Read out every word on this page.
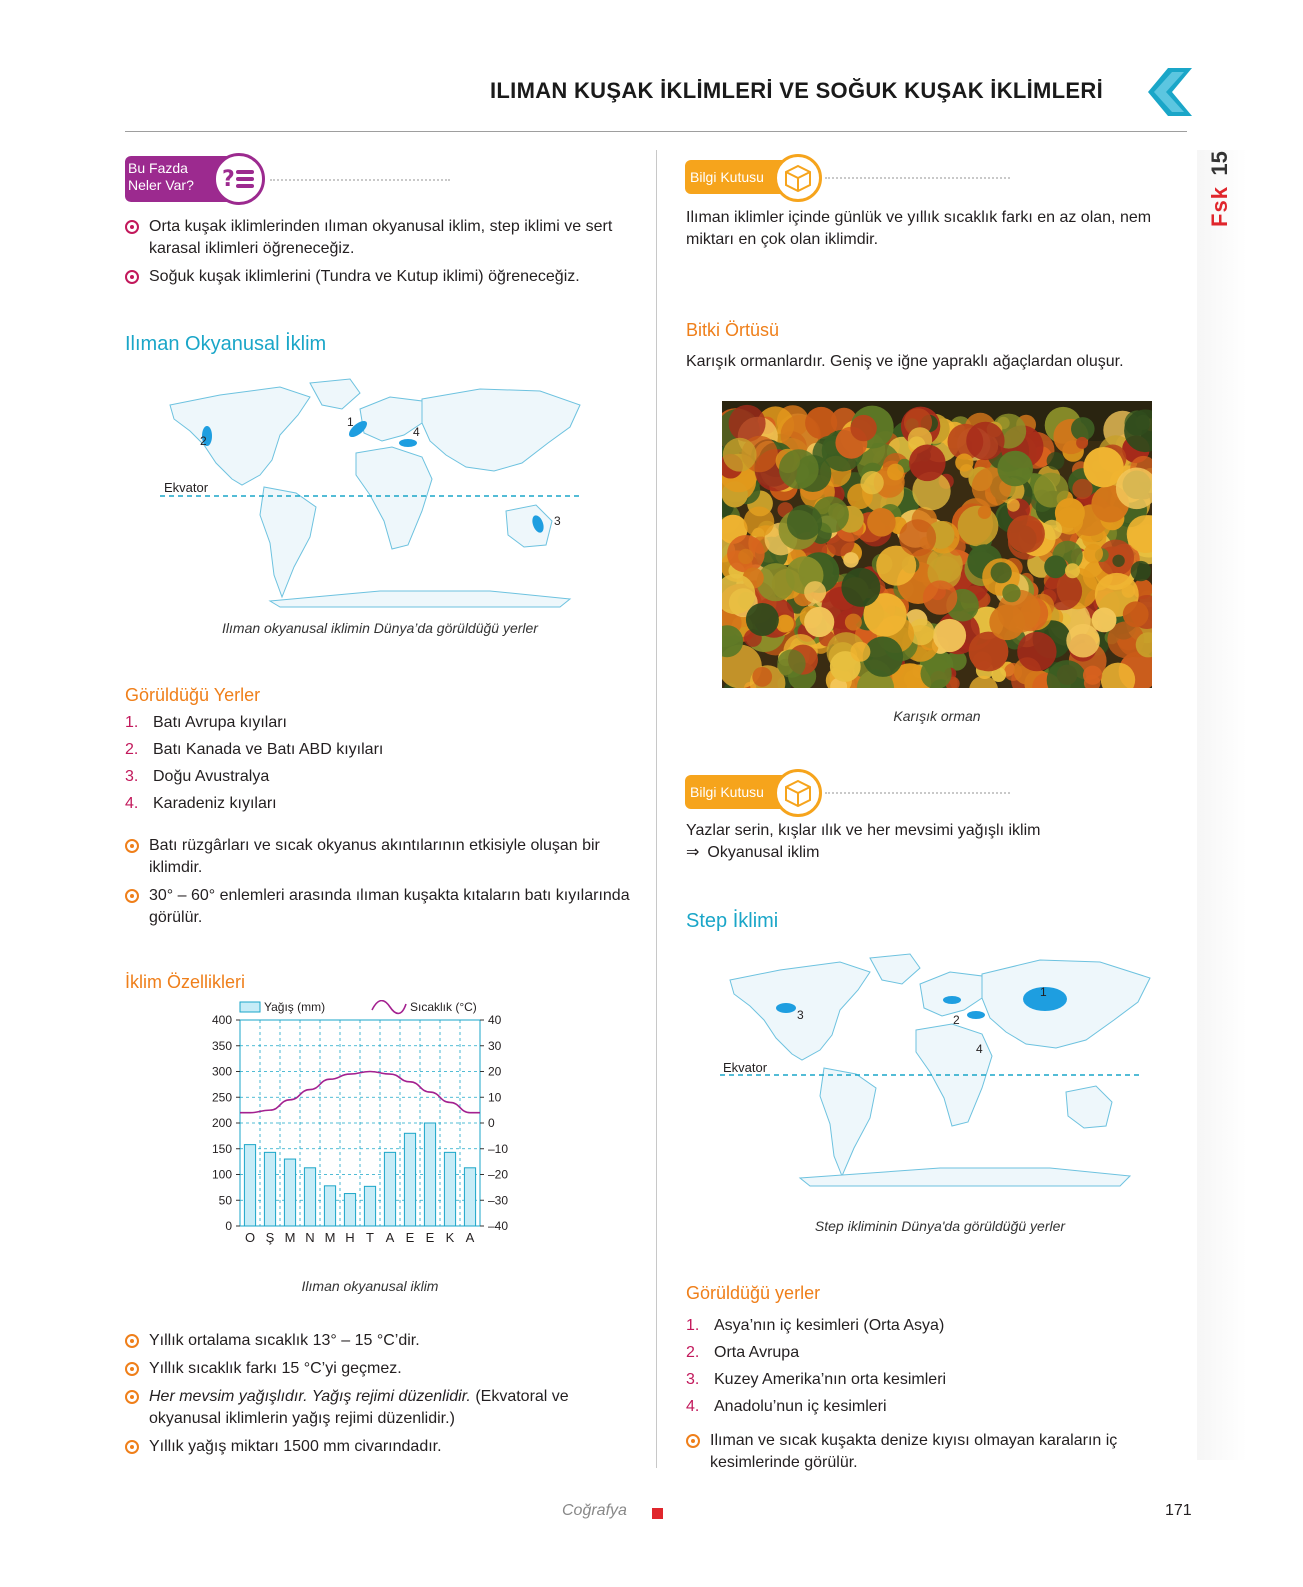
ILIMAN KUŞAK İKLİMLERİ VE SOĞUK KUŞAK İKLİMLERİ
Fsk 15
Bu Fazda
Neler Var? ?
Orta kuşak iklimlerinden ılıman okyanusal iklim, step iklimi ve sert karasal iklimleri öğreneceğiz.
Soğuk kuşak iklimlerini (Tundra ve Kutup iklimi) öğreneceğiz.
Ilıman Okyanusal İklim
Ekvator
1
2
3
4
Ilıman okyanusal iklimin Dünya’da görüldüğü yerler
Görüldüğü Yerler
1. Batı Avrupa kıyıları
2. Batı Kanada ve Batı ABD kıyıları
3. Doğu Avustralya
4. Karadeniz kıyıları
Batı rüzgârları ve sıcak okyanus akıntılarının etkisiyle oluşan bir iklimdir.
30° – 60° enlemleri arasında ılıman kuşakta kıtaların batı kıyılarında görülür.
İklim Özellikleri
0	–40
50	–30
100	–20
150	–10
200	0
250	10
300	20
350	30
400	40
O Ş M N M H T A E E K A
Yağış (mm)	Sıcaklık (°C)
Ilıman okyanusal iklim
Yıllık ortalama sıcaklık 13° – 15 °C’dir.
Yıllık sıcaklık farkı 15 °C’yi geçmez.
Her mevsim yağışlıdır. Yağış rejimi düzenlidir. (Ekvatoral ve okyanusal iklimlerin yağış rejimi düzenlidir.)
Yıllık yağış miktarı 1500 mm civarındadır.
Bilgi Kutusu
Ilıman iklimler içinde günlük ve yıllık sıcaklık farkı en az olan, nem miktarı en çok olan iklimdir.
Bitki Örtüsü
Karışık ormanlardır. Geniş ve iğne yapraklı ağaçlardan oluşur.
Karışık orman
Bilgi Kutusu
Yazlar serin, kışlar ılık ve her mevsimi yağışlı iklim
⇒ Okyanusal iklim
Step İklimi
Ekvator
1
2
3
4
Step ikliminin Dünya'da görüldüğü yerler
Görüldüğü yerler
1. Asya’nın iç kesimleri (Orta Asya)
2. Orta Avrupa
3. Kuzey Amerika’nın orta kesimleri
4. Anadolu’nun iç kesimleri
Ilıman ve sıcak kuşakta denize kıyısı olmayan karaların iç kesimlerinde görülür.
Coğrafya	171
